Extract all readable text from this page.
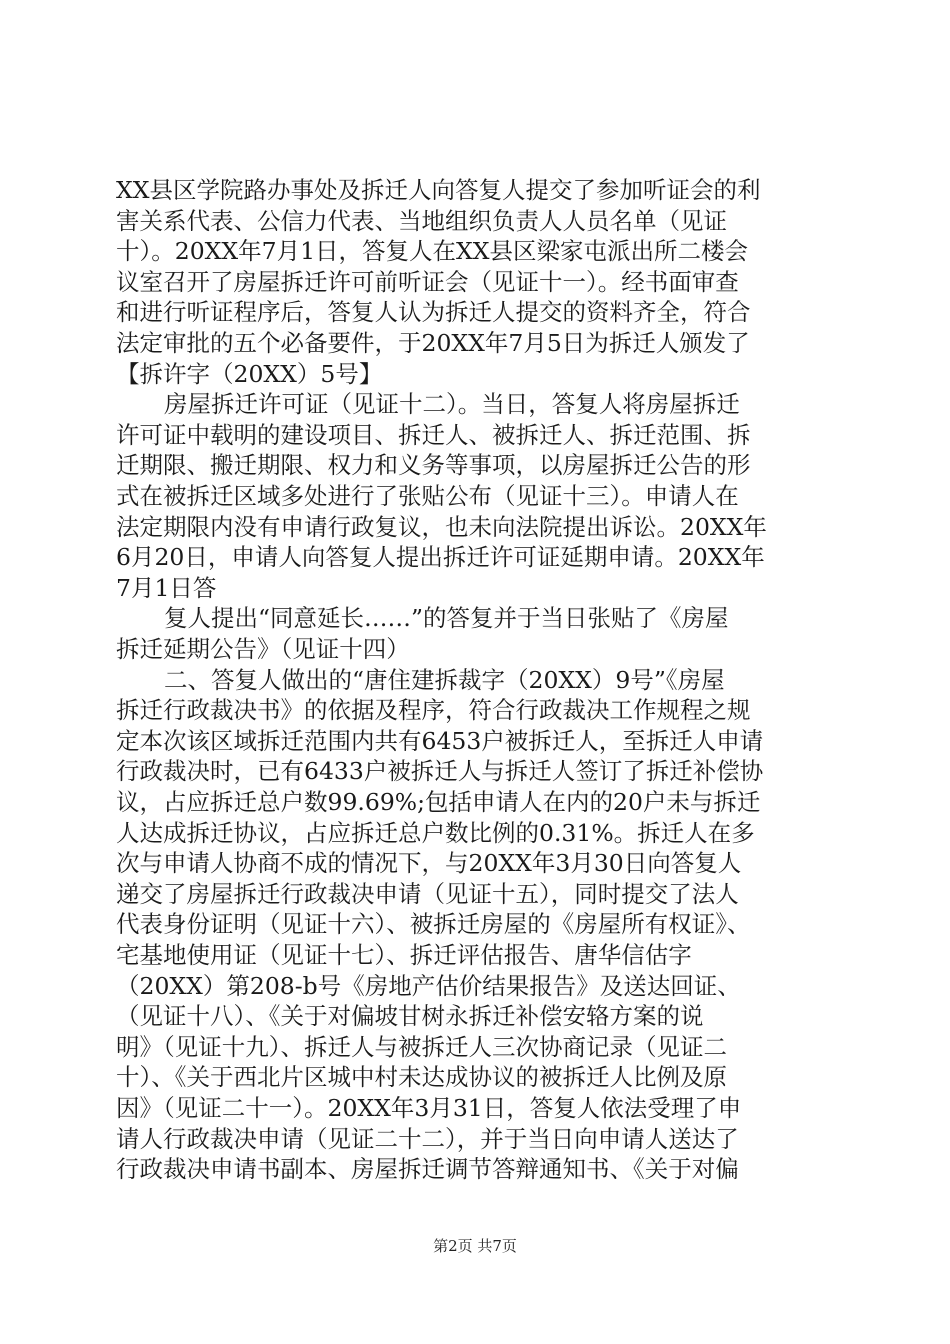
XX县区学院路办事处及拆迁人向答复人提交了参加听证会的利
害关系代表、公信力代表、当地组织负责人人员名单（见证
十）。20XX年7月1日，答复人在XX县区梁家屯派出所二楼会
议室召开了房屋拆迁许可前听证会（见证十一）。经书面审查
和进行听证程序后，答复人认为拆迁人提交的资料齐全，符合
法定审批的五个必备要件，于20XX年7月5日为拆迁人颁发了
【拆许字（20XX）5号】
房屋拆迁许可证（见证十二）。当日，答复人将房屋拆迁
许可证中载明的建设项目、拆迁人、被拆迁人、拆迁范围、拆
迁期限、搬迁期限、权力和义务等事项，以房屋拆迁公告的形
式在被拆迁区域多处进行了张贴公布（见证十三）。申请人在
法定期限内没有申请行政复议，也未向法院提出诉讼。20XX年
6月20日，申请人向答复人提出拆迁许可证延期申请。20XX年
7月1日答
复人提出“同意延长……”的答复并于当日张贴了《房屋
拆迁延期公告》（见证十四）
二、答复人做出的“唐住建拆裁字（20XX）9号”《房屋
拆迁行政裁决书》的依据及程序，符合行政裁决工作规程之规
定本次该区域拆迁范围内共有6453户被拆迁人，至拆迁人申请
行政裁决时，已有6433户被拆迁人与拆迁人签订了拆迁补偿协
议，占应拆迁总户数99.69%;包括申请人在内的20户未与拆迁
人达成拆迁协议，占应拆迁总户数比例的0.31%。拆迁人在多
次与申请人协商不成的情况下，与20XX年3月30日向答复人
递交了房屋拆迁行政裁决申请（见证十五），同时提交了法人
代表身份证明（见证十六）、被拆迁房屋的《房屋所有权证》、
宅基地使用证（见证十七）、拆迁评估报告、唐华信估字
（20XX）第208-b号《房地产估价结果报告》及送达回证、
（见证十八）、《关于对偏坡甘树永拆迁补偿安辂方案的说
明》（见证十九）、拆迁人与被拆迁人三次协商记录（见证二
十）、《关于西北片区城中村未达成协议的被拆迁人比例及原
因》（见证二十一）。20XX年3月31日，答复人依法受理了申
第2页 共7页
请人行政裁决申请（见证二十二），并于当日向申请人送达了
行政裁决申请书副本、房屋拆迁调节答辩通知书、《关于对偏
